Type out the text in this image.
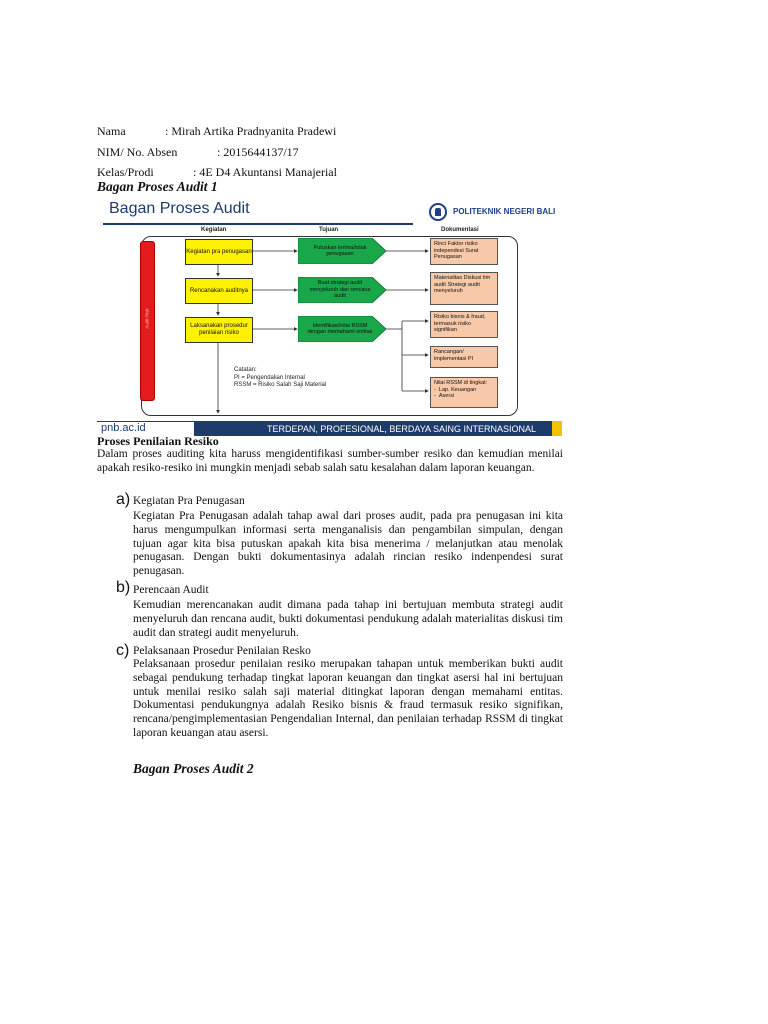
Nama	: Mirah Artika Pradnyanita Pradewi
NIM/ No. Absen	: 2015644137/17
Kelas/Prodi	: 4E D4 Akuntansi Manajerial
Bagan Proses Audit 1
Bagan Proses Audit	POLITEKNIK NEGERI BALI
Kegiatan	Tujuan	Dokumentasi
Audit Risk
Kegiatan pra penugasan
Rencanakan auditnya
Laksanakan prosedur penilaian risiko
Putuskan terima/tolak penugasan
Buat strategi audit menyeluruh dan rencana audit
Identifikasi/nilai RSSM dengan memahami entitas
Rinci Faktor risiko independesi Surat Penugasan
Materialitas Diskusi tim audit Strategi audit menyeluruh
Risiko bisnis & fraud, termasuk risiko signifikan
Rancangan/ implementasi PI
Nilai RSSM di tingkat:
-  Lap. Keuangan
-  Asersi
Catatan:
PI = Pengendalian Internal
RSSM = Risiko Salah Saji Material
pnb.ac.id	TERDEPAN, PROFESIONAL, BERDAYA SAING INTERNASIONAL
Proses Penilaian Resiko
Dalam proses auditing kita haruss mengidentifikasi sumber-sumber resiko dan kemudian menilai apakah resiko-resiko ini mungkin menjadi sebab salah satu kesalahan dalam laporan keuangan.
a) Kegiatan Pra Penugasan
Kegiatan Pra Penugasan adalah tahap awal dari proses audit, pada pra penugasan ini kita harus mengumpulkan informasi serta menganalisis dan pengambilan simpulan, dengan tujuan agar kita bisa putuskan apakah kita bisa menerima / melanjutkan atau menolak penugasan. Dengan bukti dokumentasinya adalah rincian resiko indenpendesi surat penugasan.
b) Perencaan Audit
Kemudian merencanakan audit dimana pada tahap ini bertujuan membuta strategi audit menyeluruh dan rencana audit, bukti dokumentasi pendukung adalah materialitas diskusi tim audit dan strategi audit menyeluruh.
c) Pelaksanaan Prosedur Penilaian Resko
Pelaksanaan prosedur penilaian resiko merupakan tahapan untuk memberikan bukti audit sebagai pendukung terhadap tingkat laporan keuangan dan tingkat asersi hal ini bertujuan untuk menilai resiko salah saji material ditingkat laporan dengan memahami entitas. Dokumentasi pendukungnya adalah Resiko bisnis & fraud termasuk resiko signifikan, rencana/pengimplementasian Pengendalian Internal, dan penilaian terhadap RSSM di tingkat laporan keuangan atau asersi.
Bagan Proses Audit 2
